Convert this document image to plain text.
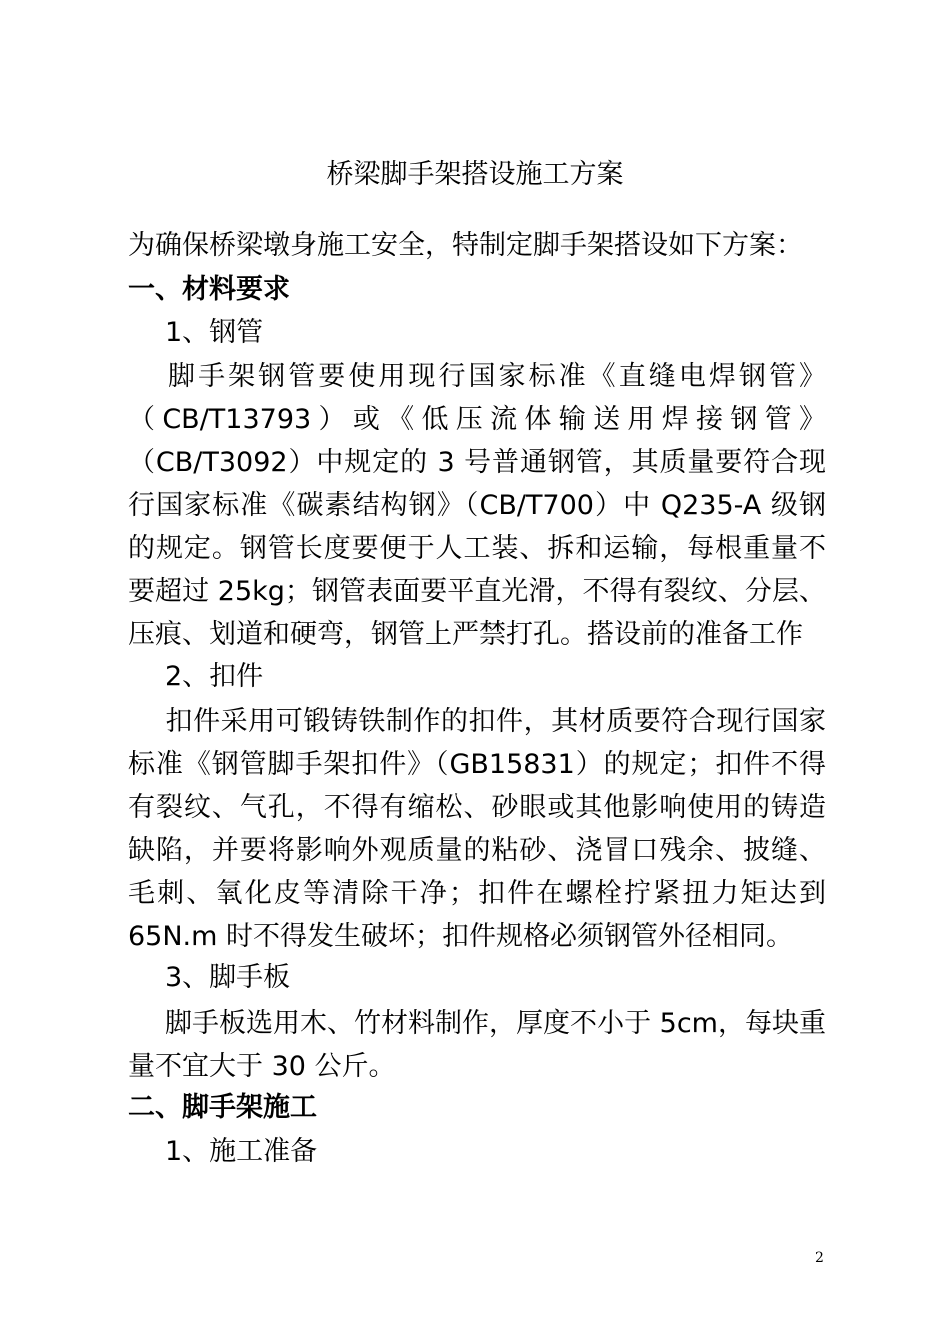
桥梁脚手架搭设施工方案
为确保桥梁墩身施工安全，特制定脚手架搭设如下方案：
一、材料要求
1、钢管
脚手架钢管要使用现行国家标准《直缝电焊钢管》（CB/T13793）或《低压流体输送用焊接钢管》（CB/T3092）中规定的 3 号普通钢管，其质量要符合现行国家标准《碳素结构钢》（CB/T700）中 Q235-A 级钢的规定。钢管长度要便于人工装、拆和运输，每根重量不要超过 25kg；钢管表面要平直光滑，不得有裂纹、分层、压痕、划道和硬弯，钢管上严禁打孔。搭设前的准备工作
2、扣件
扣件采用可锻铸铁制作的扣件，其材质要符合现行国家标准《钢管脚手架扣件》（GB15831）的规定；扣件不得有裂纹、气孔，不得有缩松、砂眼或其他影响使用的铸造缺陷，并要将影响外观质量的粘砂、浇冒口残余、披缝、毛刺、氧化皮等清除干净；扣件在螺栓拧紧扭力矩达到 65N.m 时不得发生破坏；扣件规格必须钢管外径相同。
3、脚手板
脚手板选用木、竹材料制作，厚度不小于 5cm，每块重量不宜大于 30 公斤。
二、脚手架施工
1、施工准备
2
